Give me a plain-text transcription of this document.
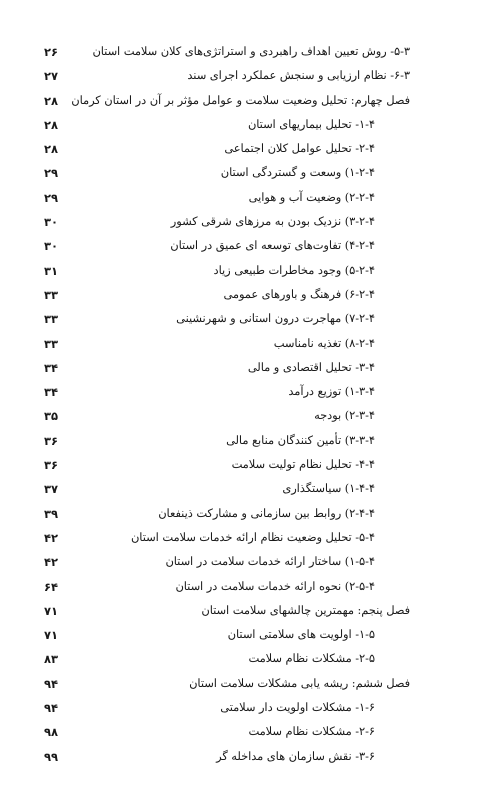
۵-۳- روش تعیین اهداف راهبردی و استراتژی‌های کلان سلامت استان
۲۶
۶-۳- نظام ارزیابی و سنجش عملکرد اجرای سند
۲۷
فصل چهارم: تحلیل وضعیت سلامت و عوامل مؤثر بر آن در استان کرمان
۲۸
۱-۴- تحلیل بیماریهای استان
۲۸
۲-۴- تحلیل عوامل کلان اجتماعی
۲۸
۱-۲-۴) وسعت و گستردگی استان
۲۹
۲-۲-۴) وضعیت آب و هوایی
۲۹
۳-۲-۴) نزدیک بودن به مرزهای شرقی کشور
۳۰
۴-۲-۴) تفاوت‌های توسعه ای عمیق در استان
۳۰
۵-۲-۴) وجود مخاطرات طبیعی زیاد
۳۱
۶-۲-۴) فرهنگ و باورهای عمومی
۳۳
۷-۲-۴) مهاجرت درون استانی و شهرنشینی
۳۳
۸-۲-۴) تغذیه نامناسب
۳۳
۳-۴- تحلیل اقتصادی و مالی
۳۴
۱-۳-۴) توزیع درآمد
۳۴
۲-۳-۴) بودجه
۳۵
۳-۳-۴) تأمین کنندگان منابع مالی
۳۶
۴-۴- تحلیل نظام تولیت سلامت
۳۶
۱-۴-۴) سیاستگذاری
۳۷
۲-۴-۴) روابط بین سازمانی و مشارکت ذینفعان
۳۹
۵-۴- تحلیل وضعیت نظام ارائه خدمات سلامت استان
۴۲
۱-۵-۴) ساختار ارائه خدمات سلامت در استان
۴۲
۲-۵-۴) نحوه ارائه خدمات سلامت در استان
۶۴
فصل پنجم: مهمترین چالشهای سلامت استان
۷۱
۱-۵- اولویت های سلامتی استان
۷۱
۲-۵- مشکلات نظام سلامت
۸۳
فصل ششم: ریشه یابی مشکلات سلامت استان
۹۴
۱-۶- مشکلات اولویت دار سلامتی
۹۴
۲-۶- مشکلات نظام سلامت
۹۸
۳-۶- نقش سازمان های مداخله گر
۹۹
